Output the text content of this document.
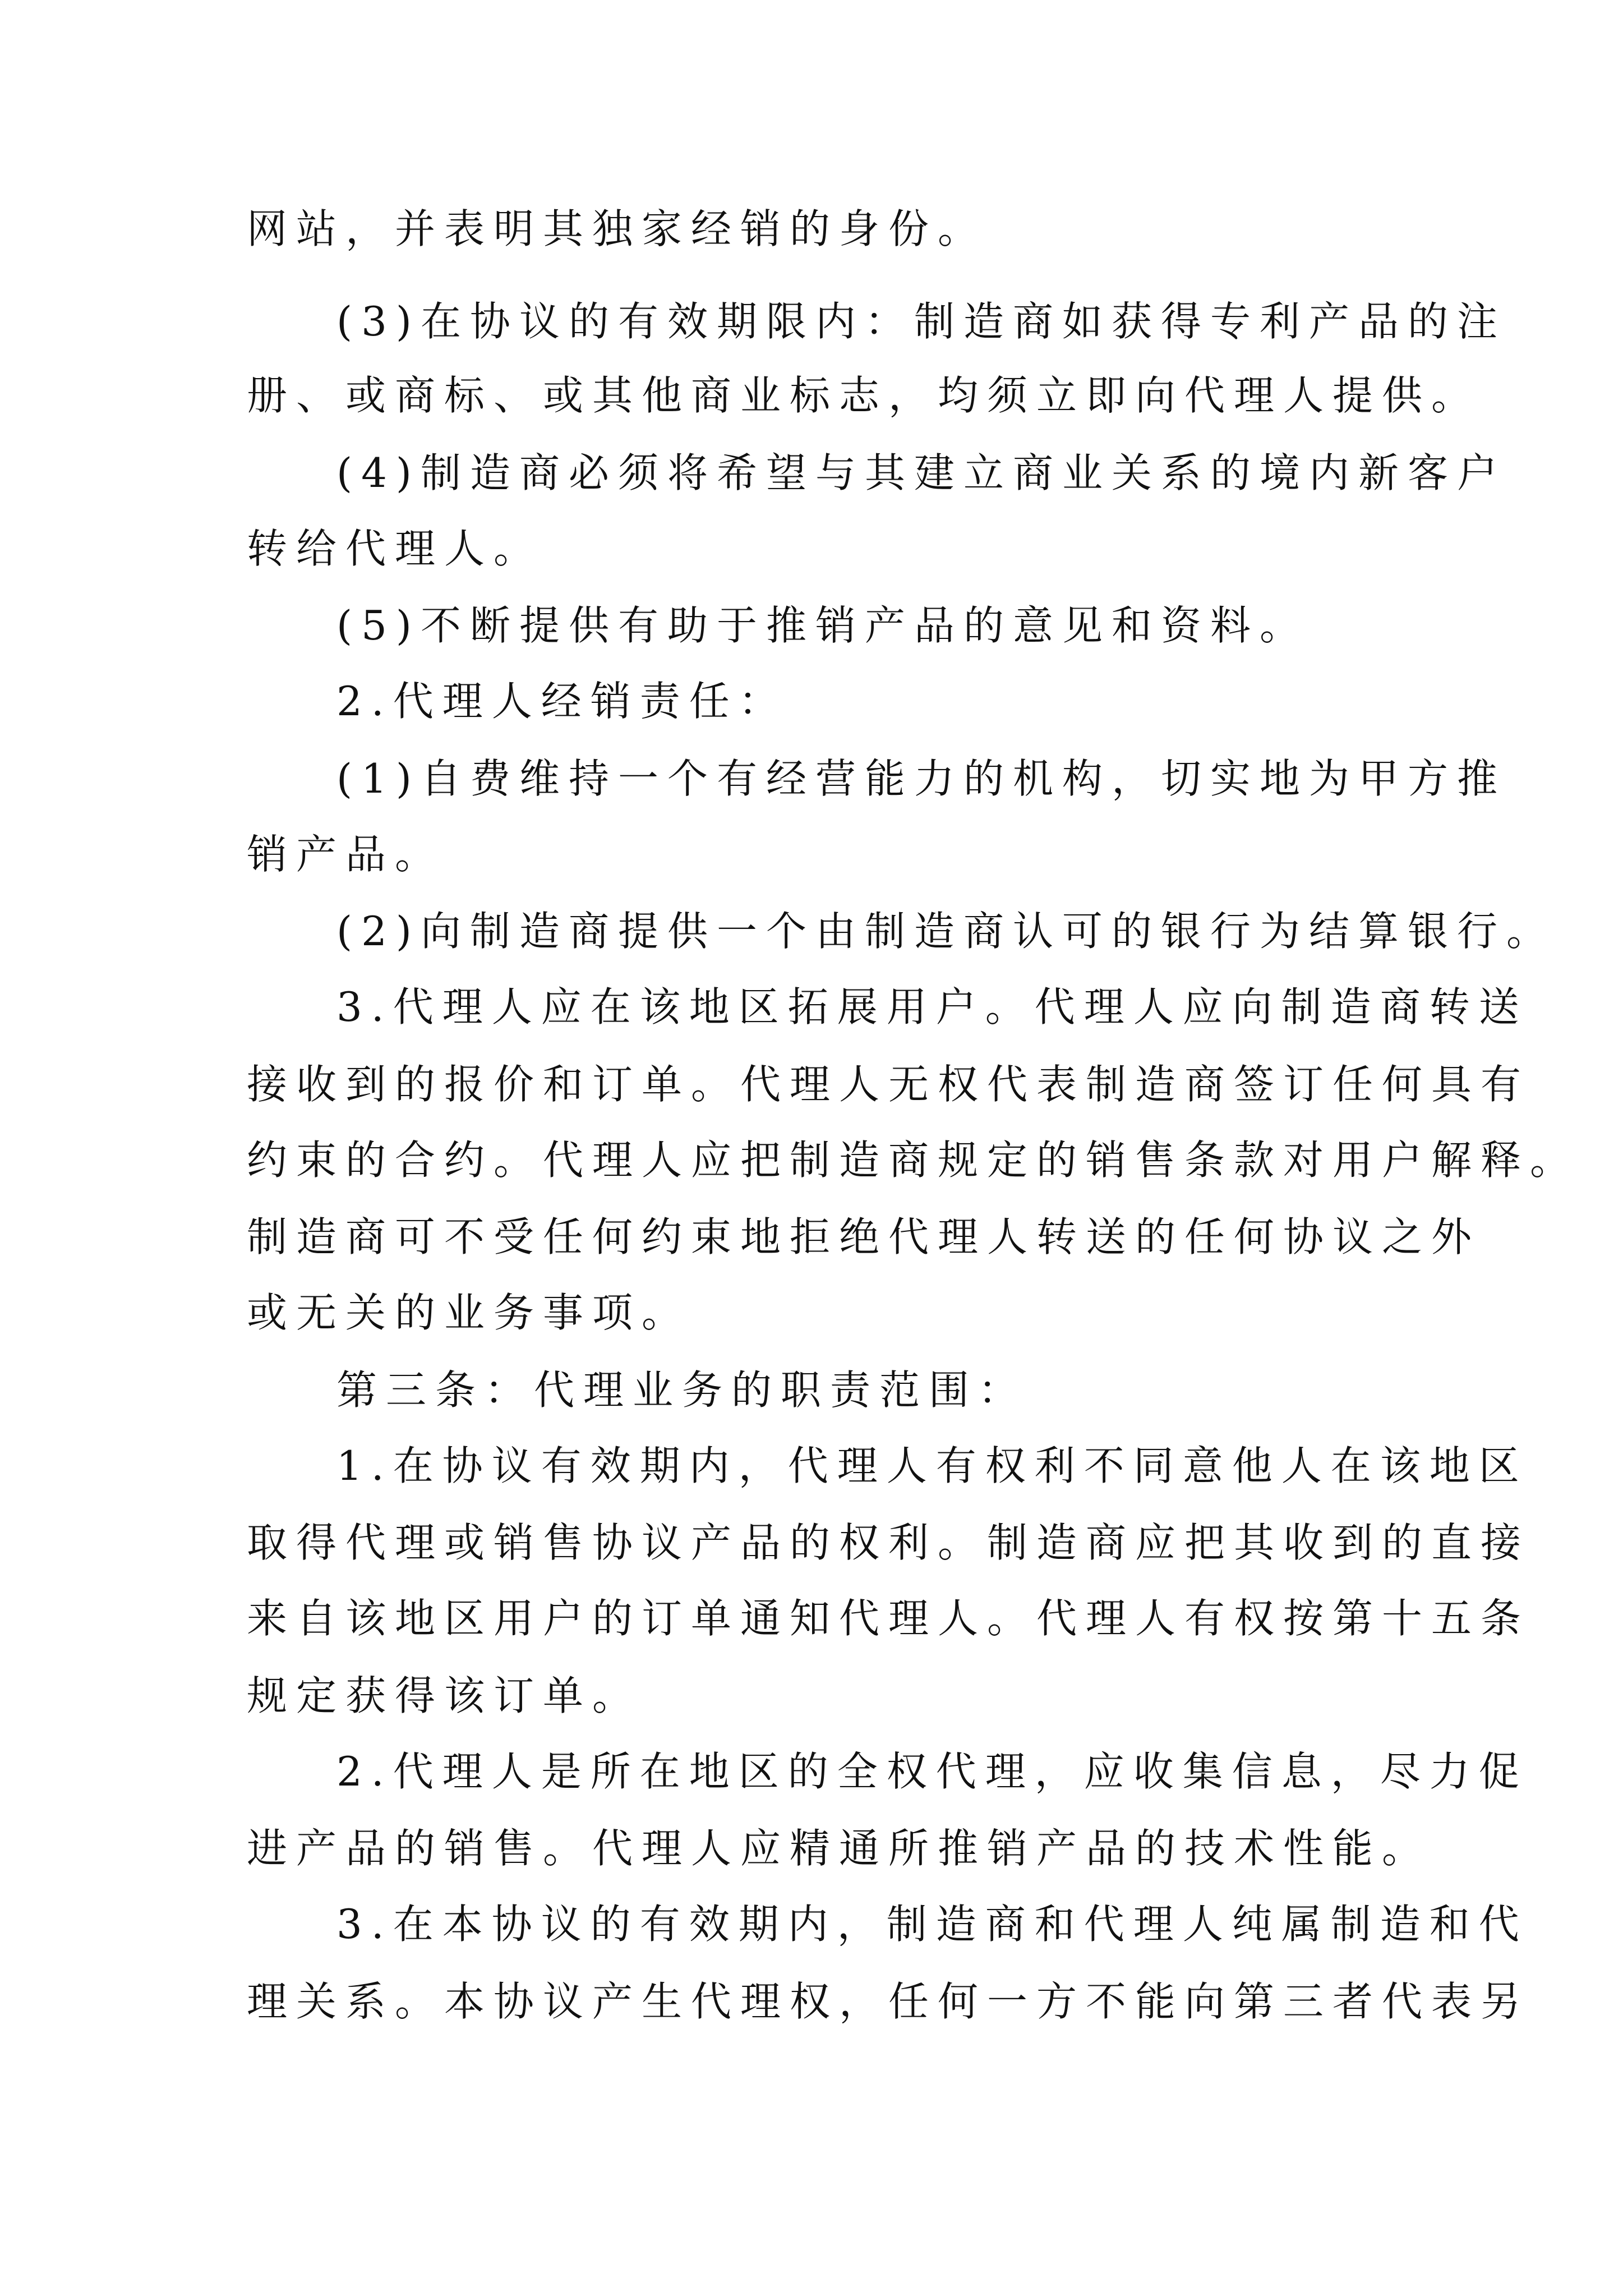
网站，并表明其独家经销的身份。
(3)在协议的有效期限内：制造商如获得专利产品的注
册、或商标、或其他商业标志，均须立即向代理人提供。
(4)制造商必须将希望与其建立商业关系的境内新客户
转给代理人。
(5)不断提供有助于推销产品的意见和资料。
2.代理人经销责任：
(1)自费维持一个有经营能力的机构，切实地为甲方推
销产品。
(2)向制造商提供一个由制造商认可的银行为结算银行。
3.代理人应在该地区拓展用户。代理人应向制造商转送
接收到的报价和订单。代理人无权代表制造商签订任何具有
约束的合约。代理人应把制造商规定的销售条款对用户解释。
制造商可不受任何约束地拒绝代理人转送的任何协议之外
或无关的业务事项。
第三条：代理业务的职责范围：
1.在协议有效期内，代理人有权利不同意他人在该地区
取得代理或销售协议产品的权利。制造商应把其收到的直接
来自该地区用户的订单通知代理人。代理人有权按第十五条
规定获得该订单。
2.代理人是所在地区的全权代理，应收集信息，尽力促
进产品的销售。代理人应精通所推销产品的技术性能。
3.在本协议的有效期内，制造商和代理人纯属制造和代
理关系。本协议产生代理权，任何一方不能向第三者代表另
